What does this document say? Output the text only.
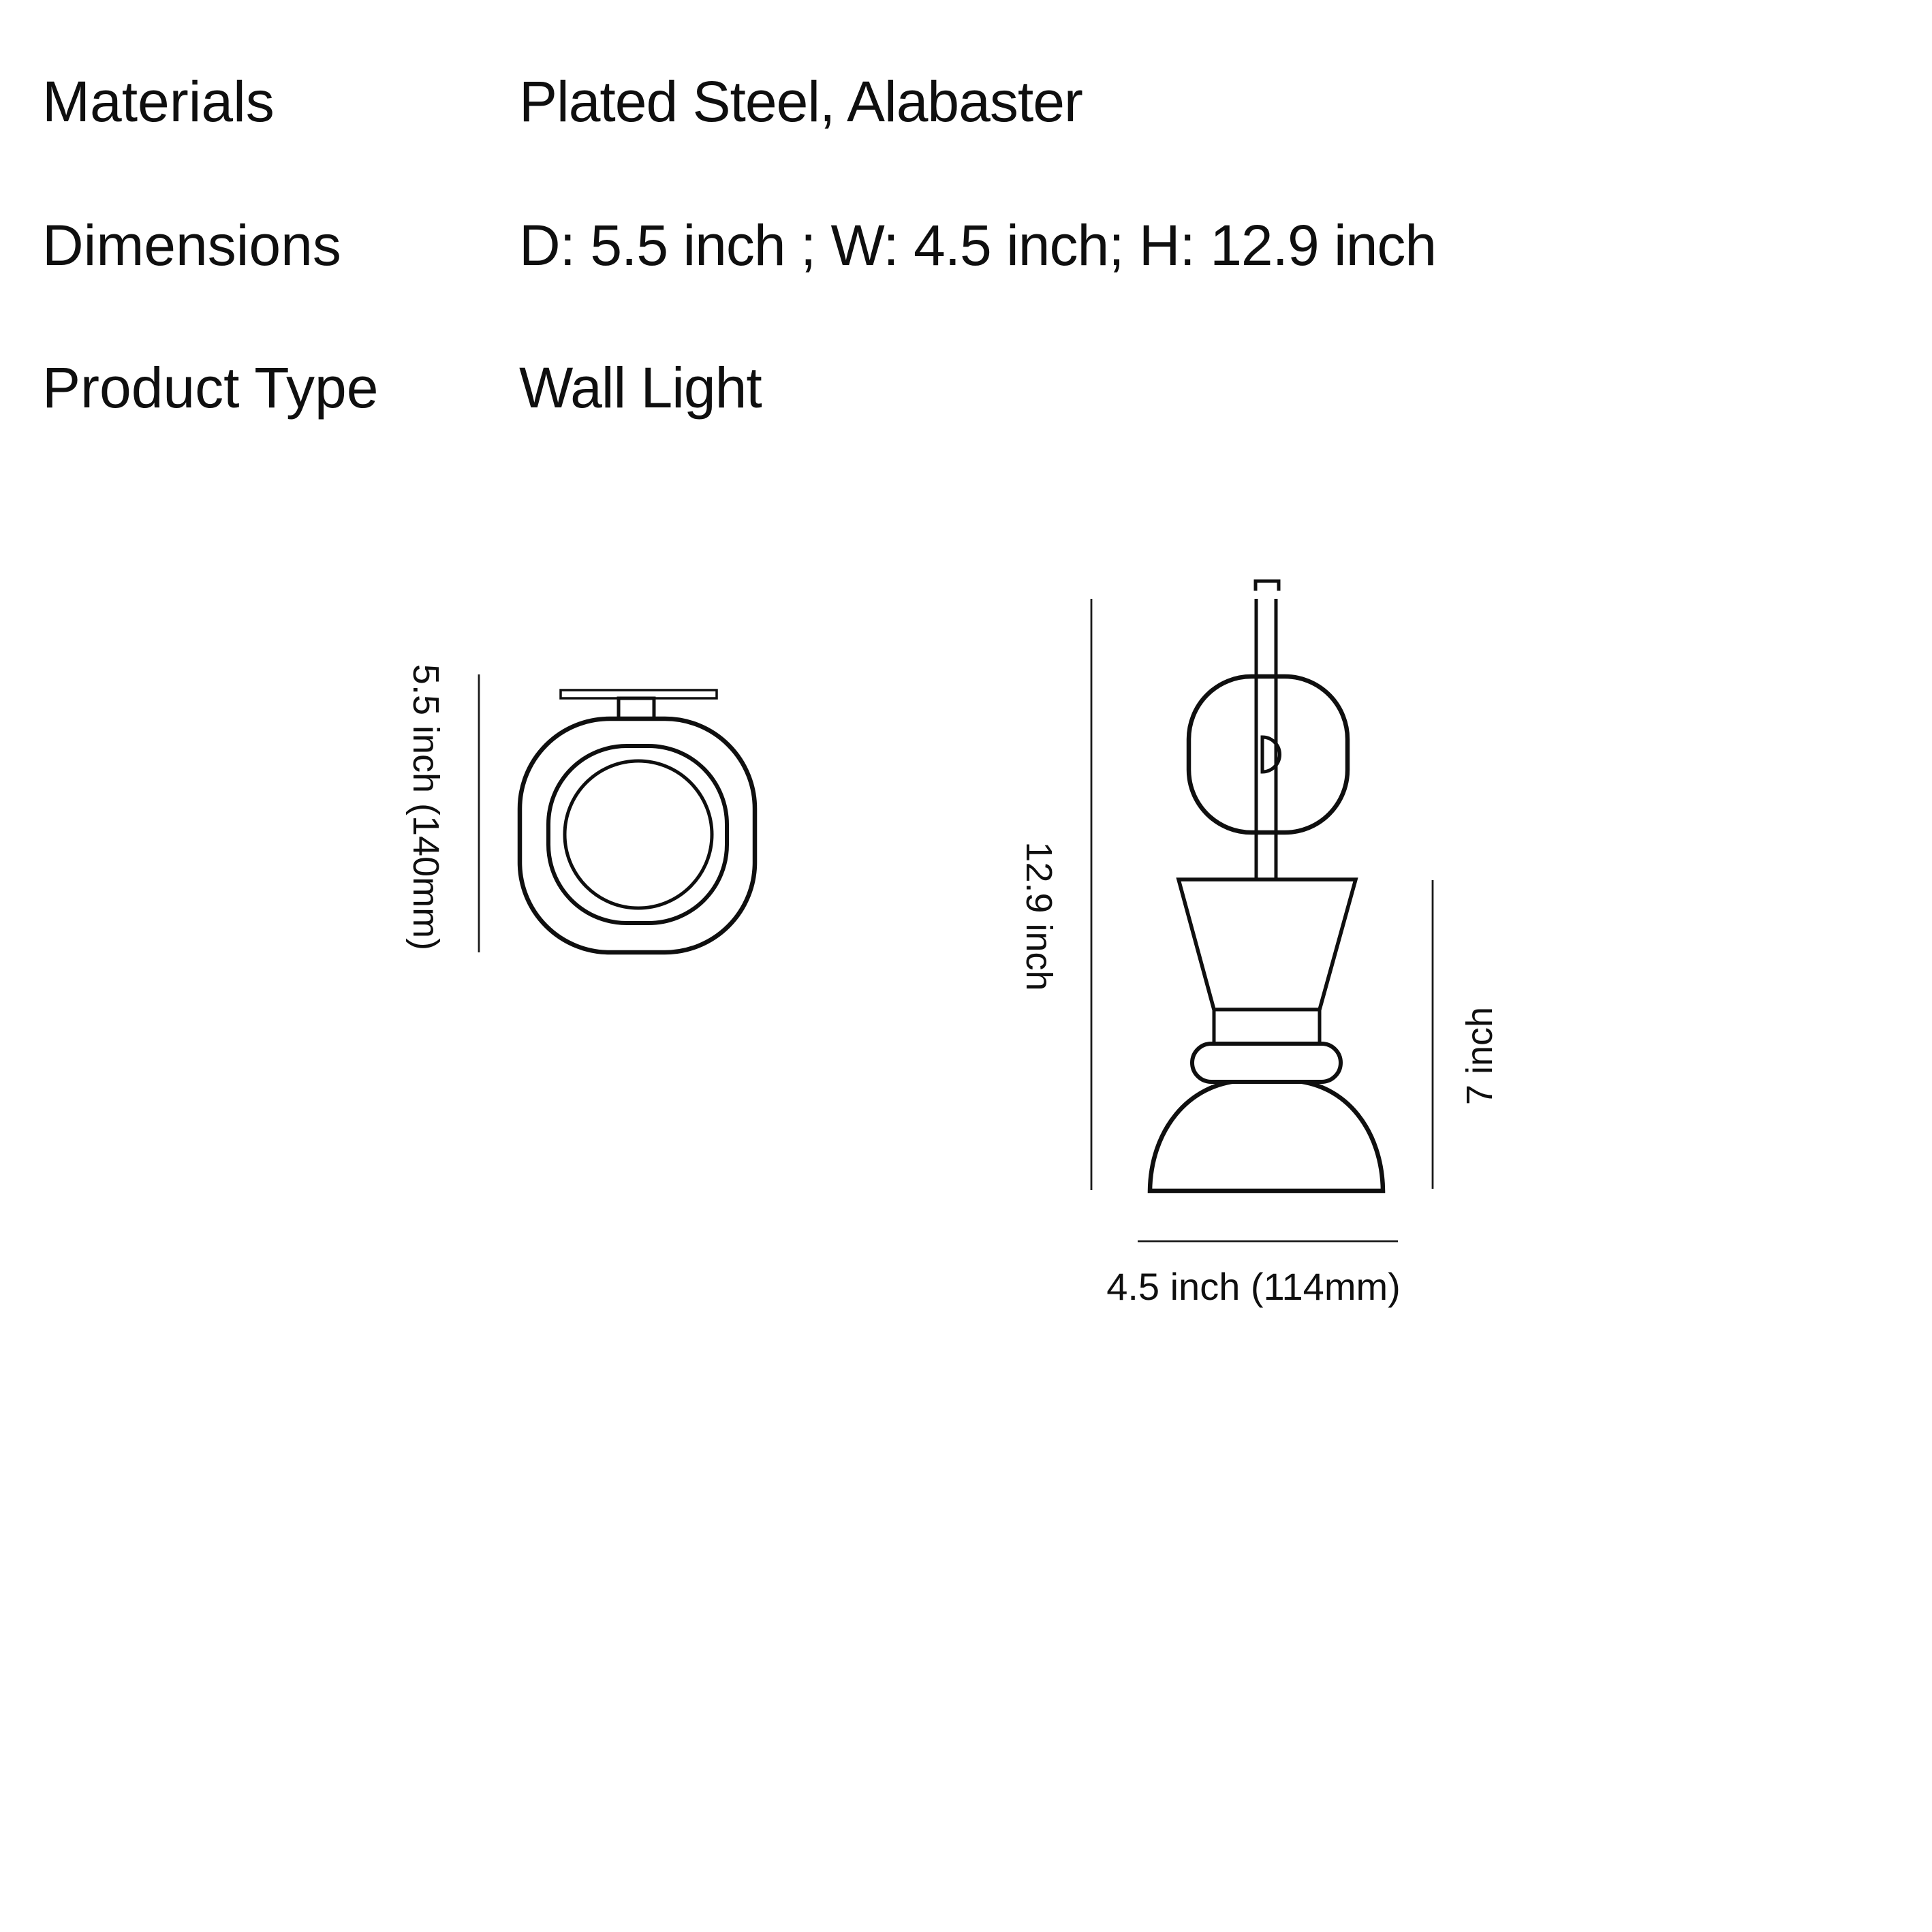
Materials

	Plated Steel, Alabaster

Dimensions

	D: 5.5 inch ; W: 4.5 inch; H: 12.9 inch

Product Type

Wall Light

5.5 inch (140mm)	12.9 inch
7 inch
4.5 inch (114mm)
